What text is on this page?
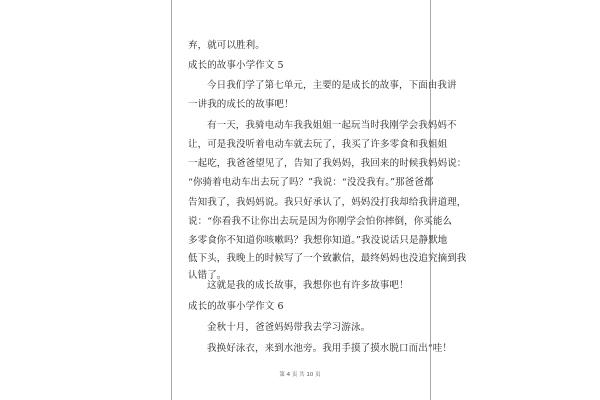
弃，就可以胜利。
成长的故事小学作文 5
今日我们学了第七单元，主要的是成长的故事，下面由我讲
一讲我的成长的故事吧！
有一天，我骑电动车我我姐姐一起玩当时我刚学会我妈妈不
让，可是我没听着电动车就去玩了，我买了许多零食和我姐姐
一起吃，我爸爸望见了，告知了我妈妈，我回来的时候我妈妈说：
“你骑着电动车出去玩了吗？”我说：“没没我有。”那爸爸都
告知我了，我妈妈说。我只好承认了，妈妈没打我却给我讲道理，
说：“你看我不让你出去玩是因为你刚学会怕你摔倒，你买能么
多零食你不知道你咳嗽吗？我想你知道。”我没说话只是静默地
低下头，我晚上的时候写了一个致歉信，最终妈妈也没追究摘到我
认错了。
这就是我的成长故事，我想你也有许多故事吧！
成长的故事小学作文 6
金秋十月，爸爸妈妈带我去学习游泳。
我换好泳衣，来到水池旁。我用手摸了摸水脱口而出“哇！
第 4 页 共 10 页
